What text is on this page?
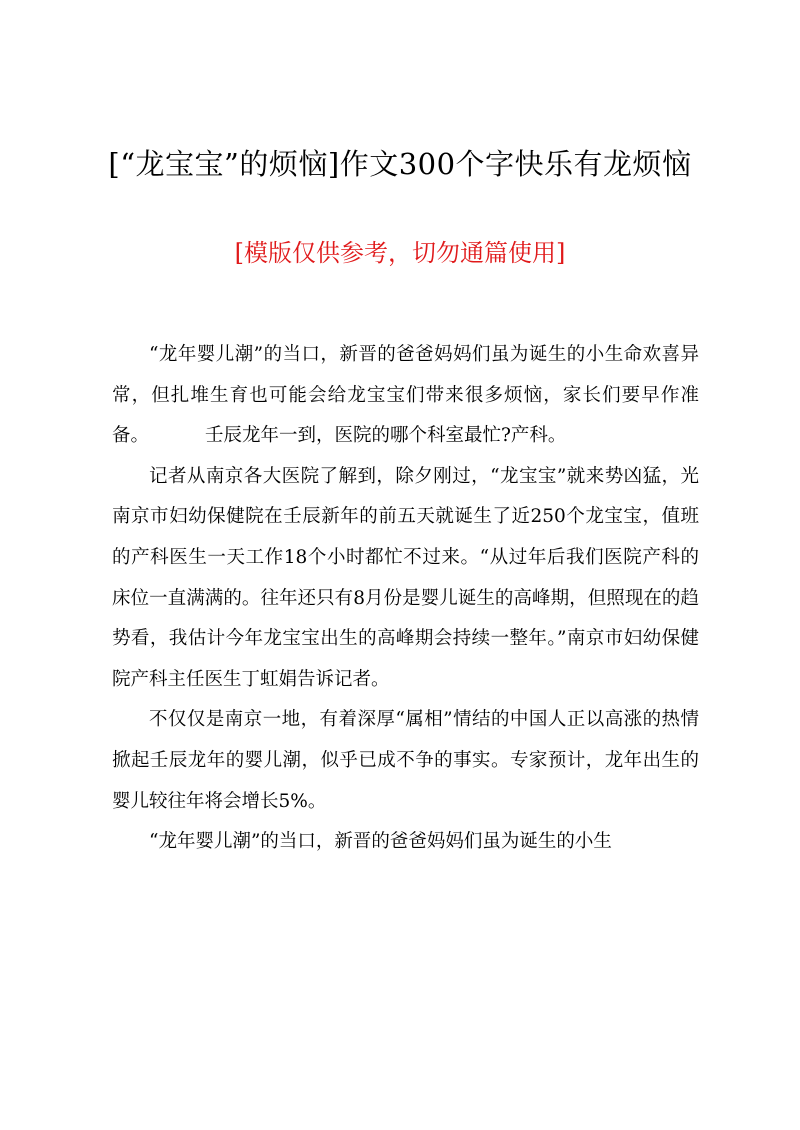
[“龙宝宝”的烦恼]作文300个字快乐有龙烦恼
[模版仅供参考，切勿通篇使用]

“龙年婴儿潮”的当口，新晋的爸爸妈妈们虽为诞生的小生命欢喜异常，但扎堆生育也可能会给龙宝宝们带来很多烦恼，家长们要早作准备。	壬辰龙年一到，医院的哪个科室最忙?产科。

记者从南京各大医院了解到，除夕刚过，“龙宝宝”就来势凶猛，光南京市妇幼保健院在壬辰新年的前五天就诞生了近250个龙宝宝，值班的产科医生一天工作18个小时都忙不过来。“从过年后我们医院产科的床位一直满满的。往年还只有8月份是婴儿诞生的高峰期，但照现在的趋势看，我估计今年龙宝宝出生的高峰期会持续一整年。”南京市妇幼保健院产科主任医生丁虹娟告诉记者。

不仅仅是南京一地，有着深厚“属相”情结的中国人正以高涨的热情掀起壬辰龙年的婴儿潮，似乎已成不争的事实。专家预计，龙年出生的婴儿较往年将会增长5%。

“龙年婴儿潮”的当口，新晋的爸爸妈妈们虽为诞生的小生
